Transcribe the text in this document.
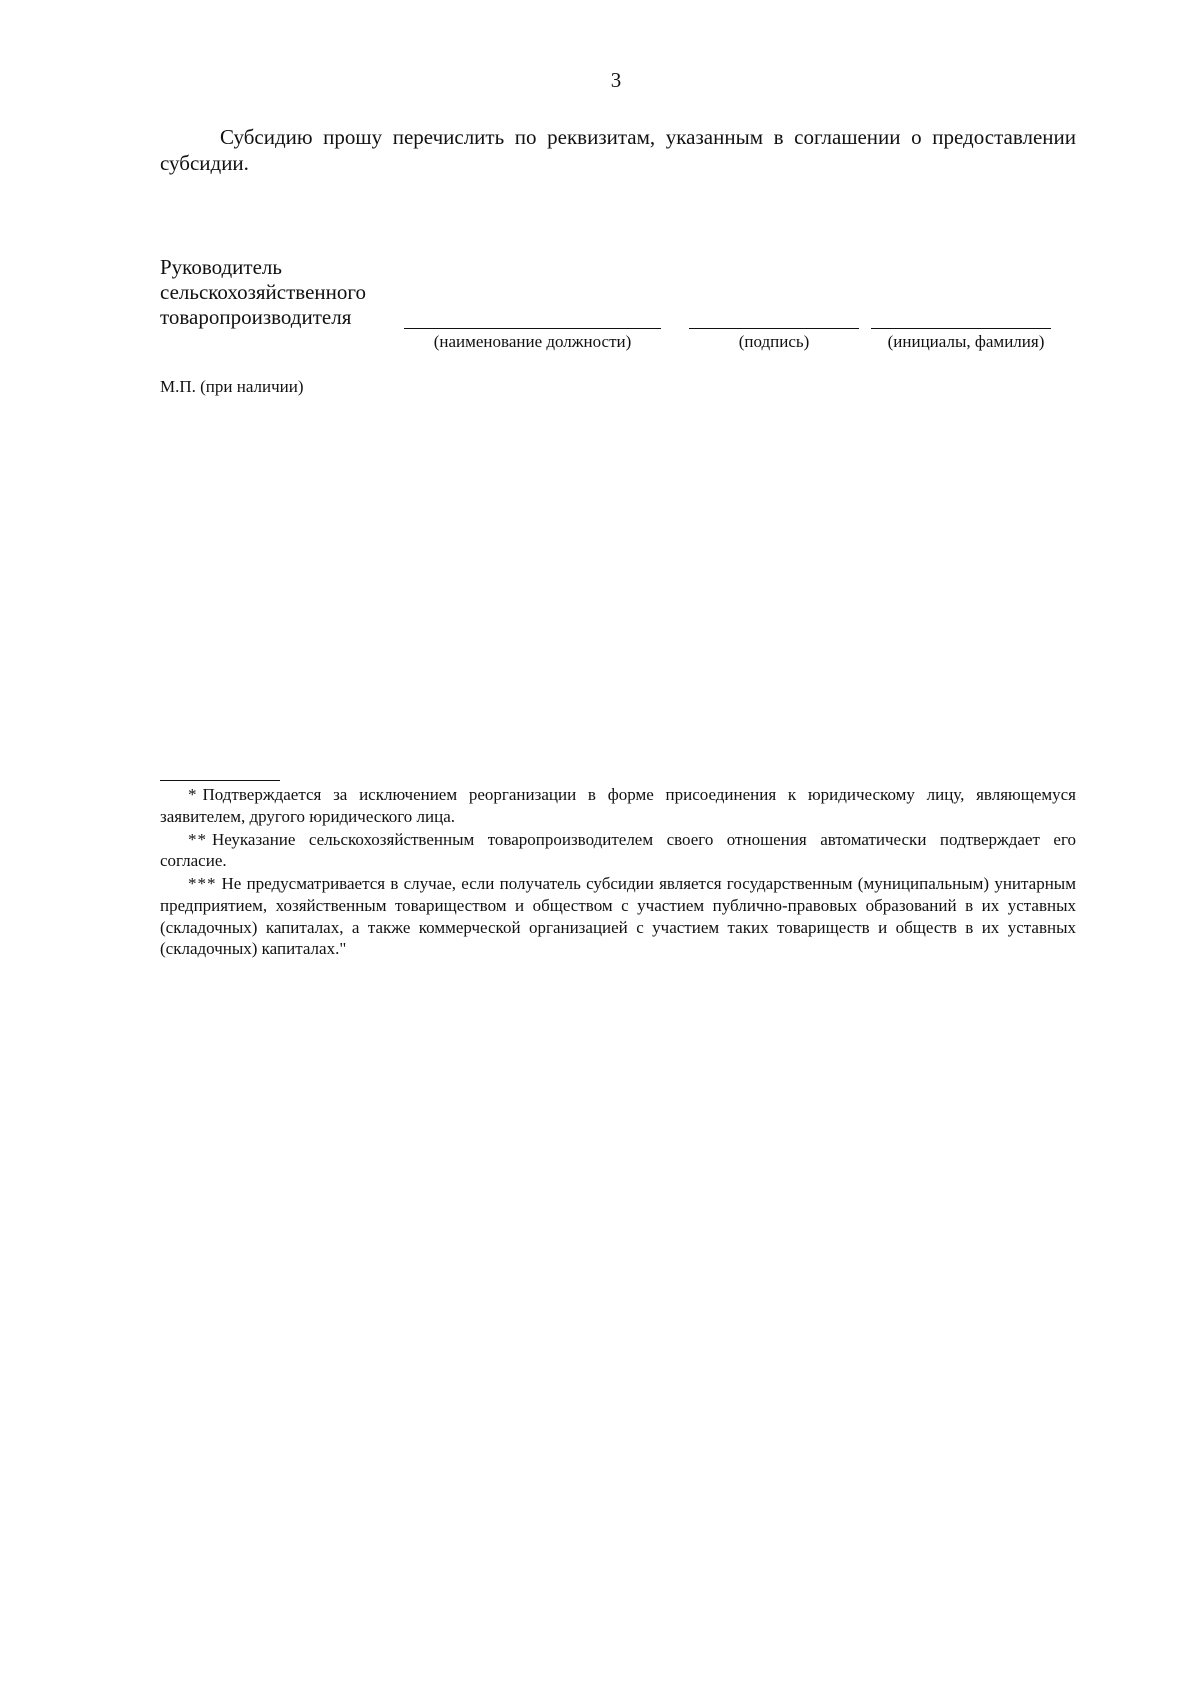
3

Субсидию прошу перечислить по реквизитам, указанным в соглашении о предоставлении субсидии.

Руководитель
сельскохозяйственного
товаропроизводителя
(наименование должности)	(подпись)	(инициалы, фамилия)
М.П. (при наличии)

* Подтверждается за исключением реорганизации в форме присоединения к юридическому лицу, являющемуся заявителем, другого юридического лица.

** Неуказание сельскохозяйственным товаропроизводителем своего отношения автоматически подтверждает его согласие.

*** Не предусматривается в случае, если получатель субсидии является государственным (муниципальным) унитарным предприятием, хозяйственным товариществом и обществом с участием публично-правовых образований в их уставных (складочных) капиталах, а также коммерческой организацией с участием таких товариществ и обществ в их уставных (складочных) капиталах."
